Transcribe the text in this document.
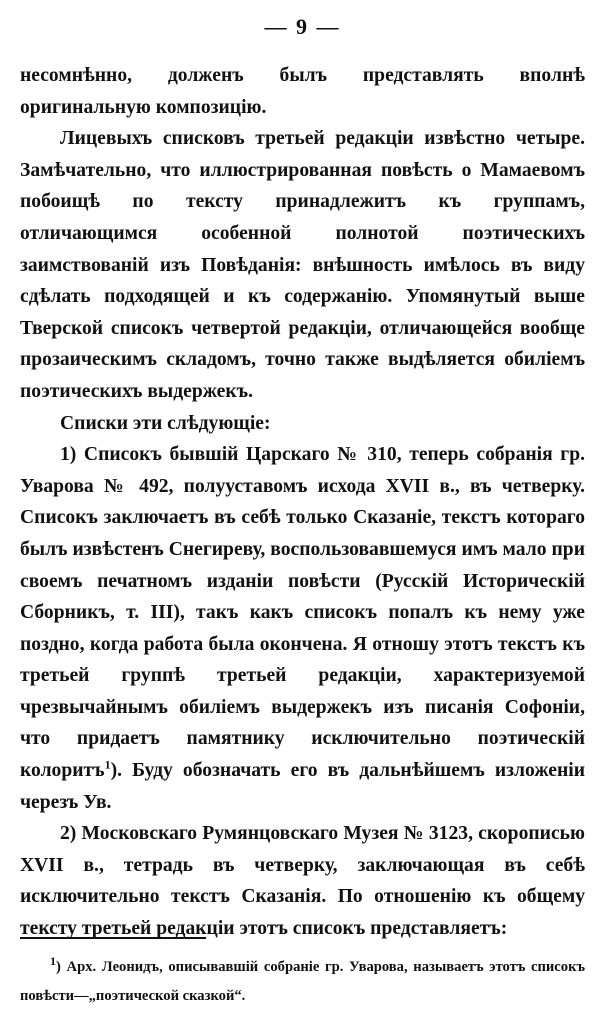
— 9 —

несомнѣнно, долженъ былъ представлять вполнѣ оригинальную композицію.

Лицевыхъ списковъ третьей редакціи извѣстно четыре. Замѣчательно, что иллюстрированная повѣсть о Мамаевомъ побоищѣ по тексту принадлежитъ къ группамъ, отличающимся особенной полнотой поэтическихъ заимствованій изъ Повѣданія: внѣшность имѣлось въ виду сдѣлать подходящей и къ содержанію. Упомянутый выше Тверской списокъ четвертой редакціи, отличающейся вообще прозаическимъ складомъ, точно также выдѣляется обиліемъ поэтическихъ выдержекъ.

Списки эти слѣдующіе:

1) Списокъ бывшій Царскаго № 310, теперь собранія гр. Уварова № 492, полууставомъ исхода XVII в., въ четверку. Списокъ заключаетъ въ себѣ только Сказаніе, текстъ котораго былъ извѣстенъ Снегиреву, воспользовавшемуся имъ мало при своемъ печатномъ изданіи повѣсти (Русскій Историческій Сборникъ, т. III), такъ какъ списокъ попалъ къ нему уже поздно, когда работа была окончена. Я отношу этотъ текстъ къ третьей группѣ третьей редакціи, характеризуемой чрезвычайнымъ обиліемъ выдержекъ изъ писанія Софоніи, что придаетъ памятнику исключительно поэтическій колоритъ$^1$). Буду обозначать его въ дальнѣйшемъ изложеніи черезъ Ув.

2) Московскаго Румянцовскаго Музея № 3123, скорописью XVII в., тетрадь въ четверку, заключающая въ себѣ исключительно текстъ Сказанія. По отношенію къ общему тексту третьей редакціи этотъ списокъ представляетъ:

$^1$) Арх. Леонидъ, описывавшій собраніе гр. Уварова, называетъ этотъ списокъ повѣсти—„поэтической сказкой“.
